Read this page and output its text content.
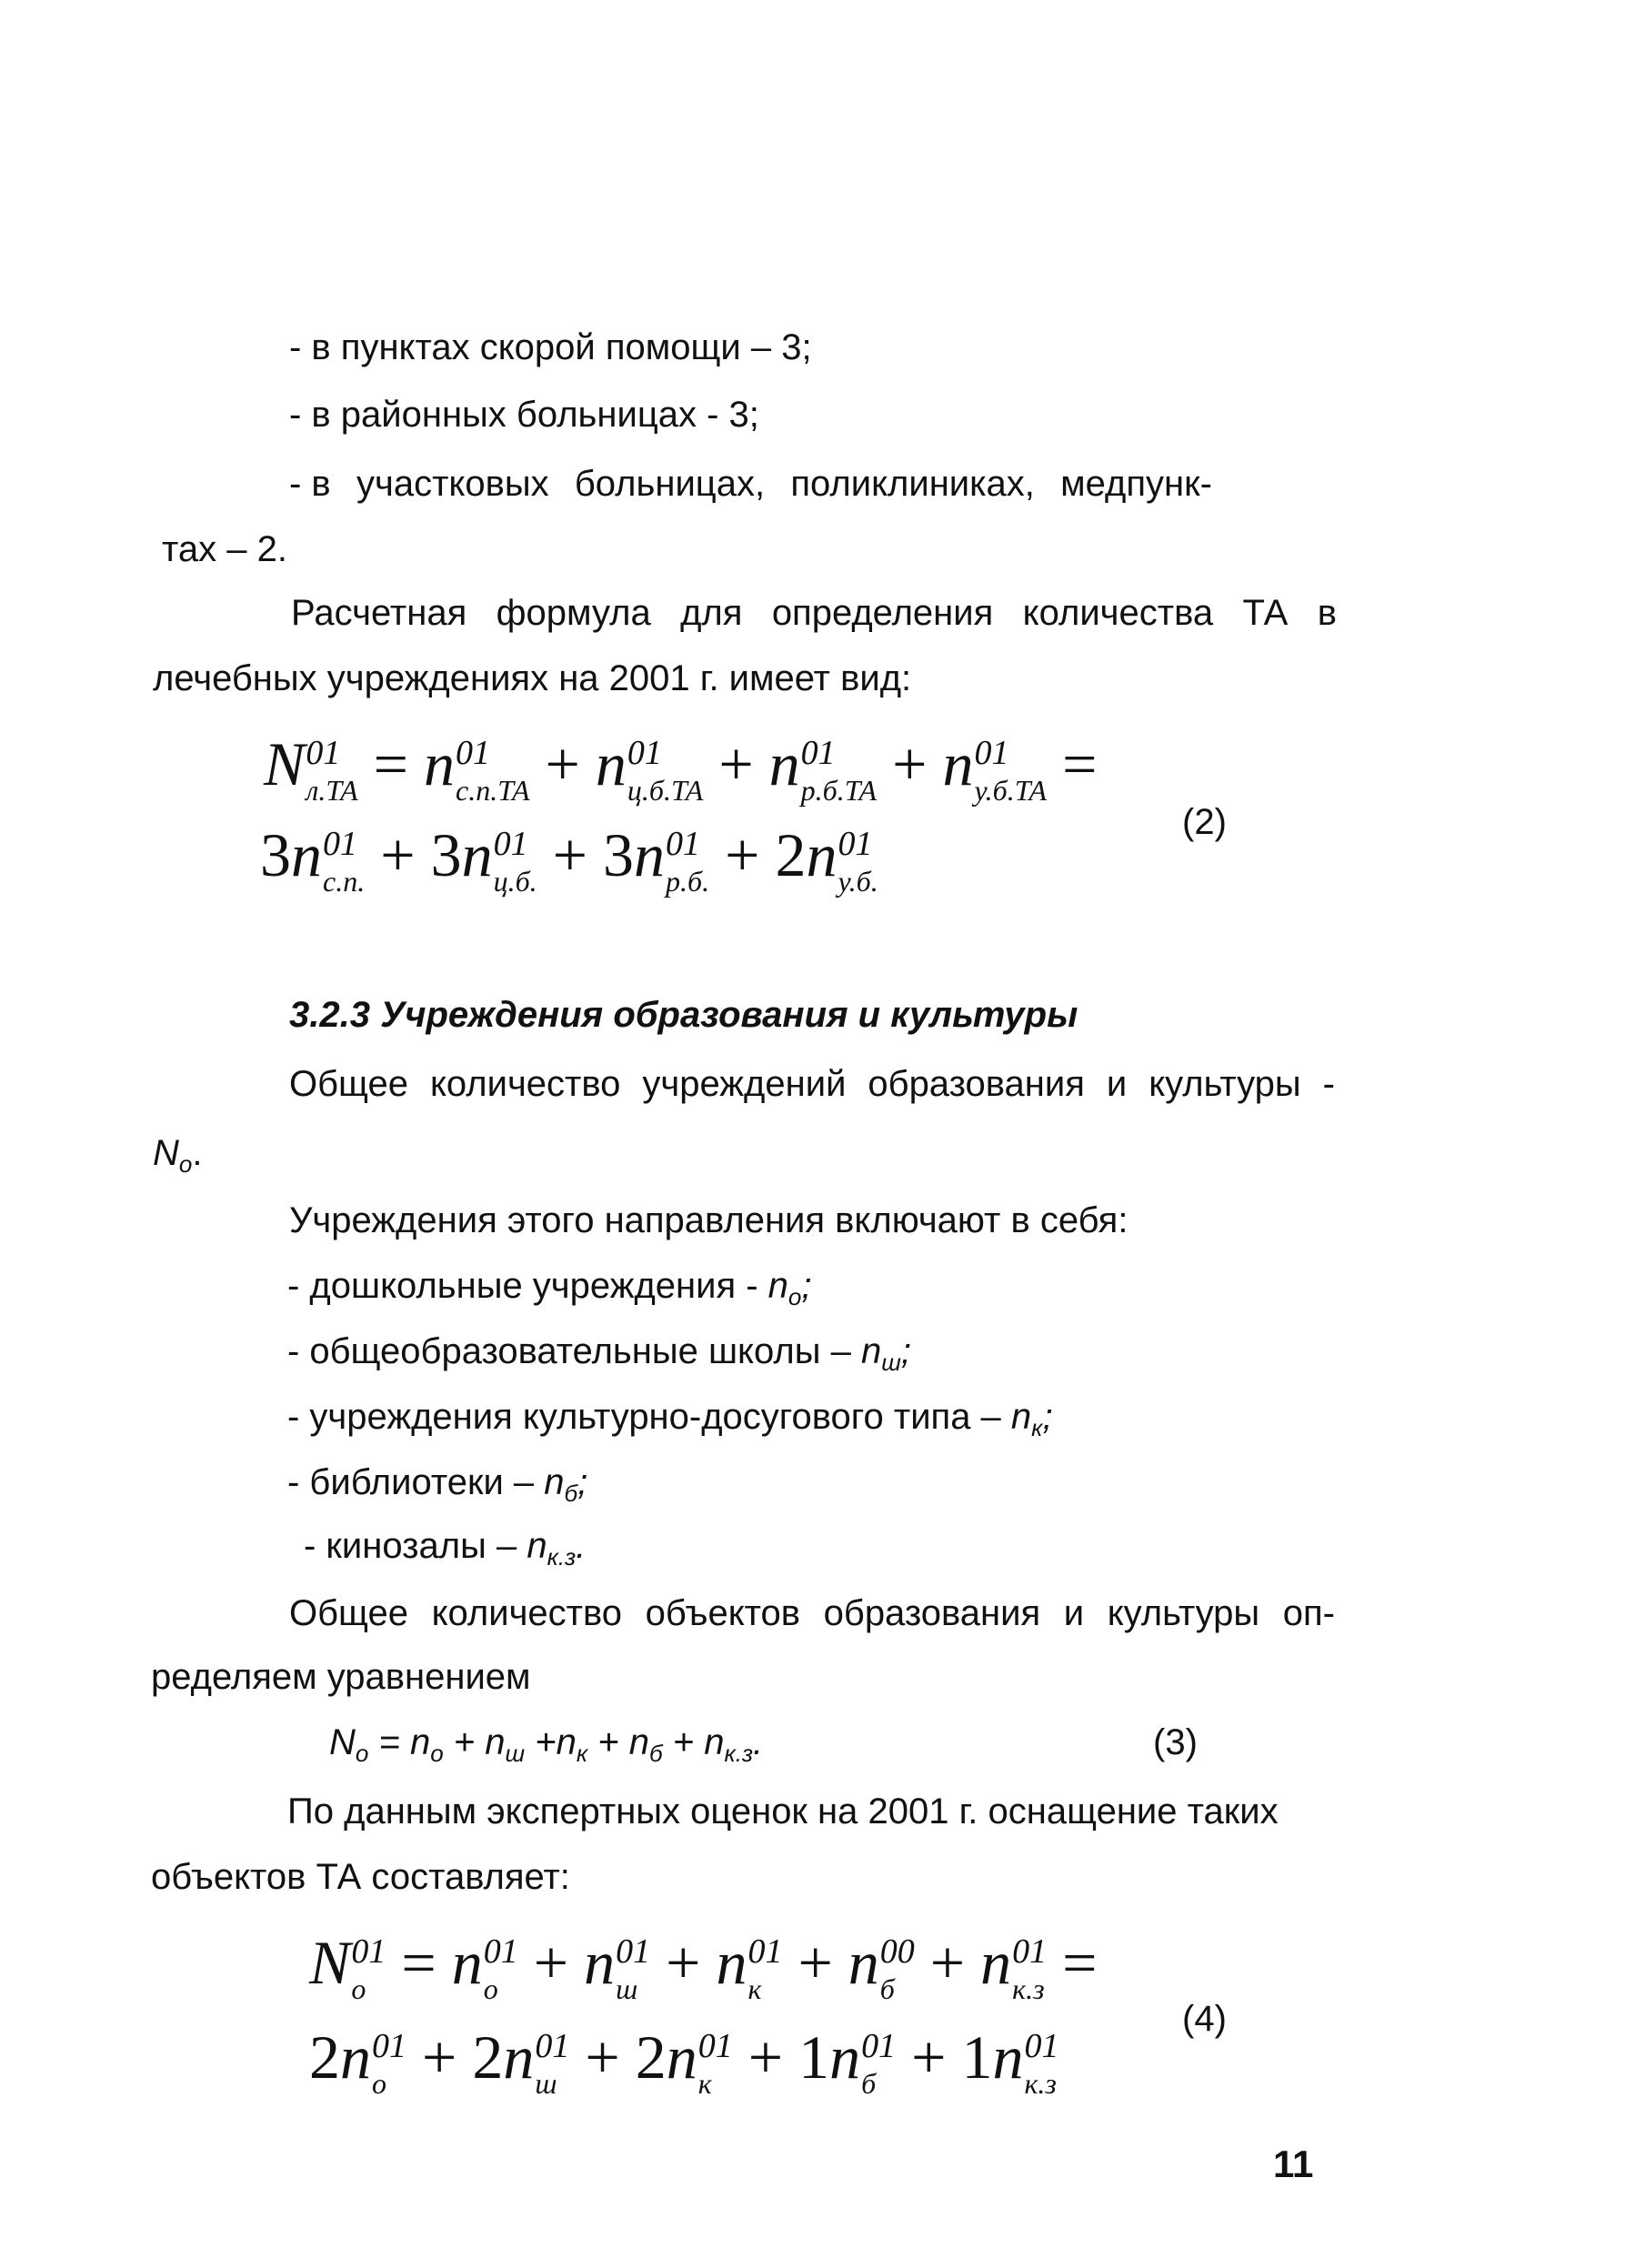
- в пунктах скорой помощи – 3;
- в районных больницах - 3;
- в участковых больницах, поликлиниках, медпунк-
тах – 2.
Расчетная формула для определения количества ТА в
лечебных учреждениях на 2001 г. имеет вид:
N 01
л.ТА = n 01
с.п.ТА + n 01
ц.б.ТА + n 01
р.б.ТА + n 01
у.б.ТА =
3n 01
с.п. + 3n 01
ц.б. + 3n 01
р.б. + 2n 01
у.б.
(2)
3.2.3 Учреждения образования и культуры
Общее количество учреждений образования и культуры -
$N_o$.
Учреждения этого направления включают в себя:
- дошкольные учреждения - $n_o$;
- общеобразовательные школы – $n_ш$;
- учреждения культурно-досугового типа – $n_к$;
- библиотеки – $n_б$;
- кинозалы – $n_{к.з}$.
Общее количество объектов образования и культуры оп-
ределяем уравнением
$N_o = n_o + n_ш +n_к + n_б + n_{к.з}$.	(3)
По данным экспертных оценок на 2001 г. оснащение таких
объектов ТА составляет:
N 01
o = n 01
o + n 01
ш + n 01
к + n 00
б + n 01
к.з =
2n 01
o + 2n 01
ш + 2n 01
к + 1n 01
б + 1n 01
к.з
(4)
11
